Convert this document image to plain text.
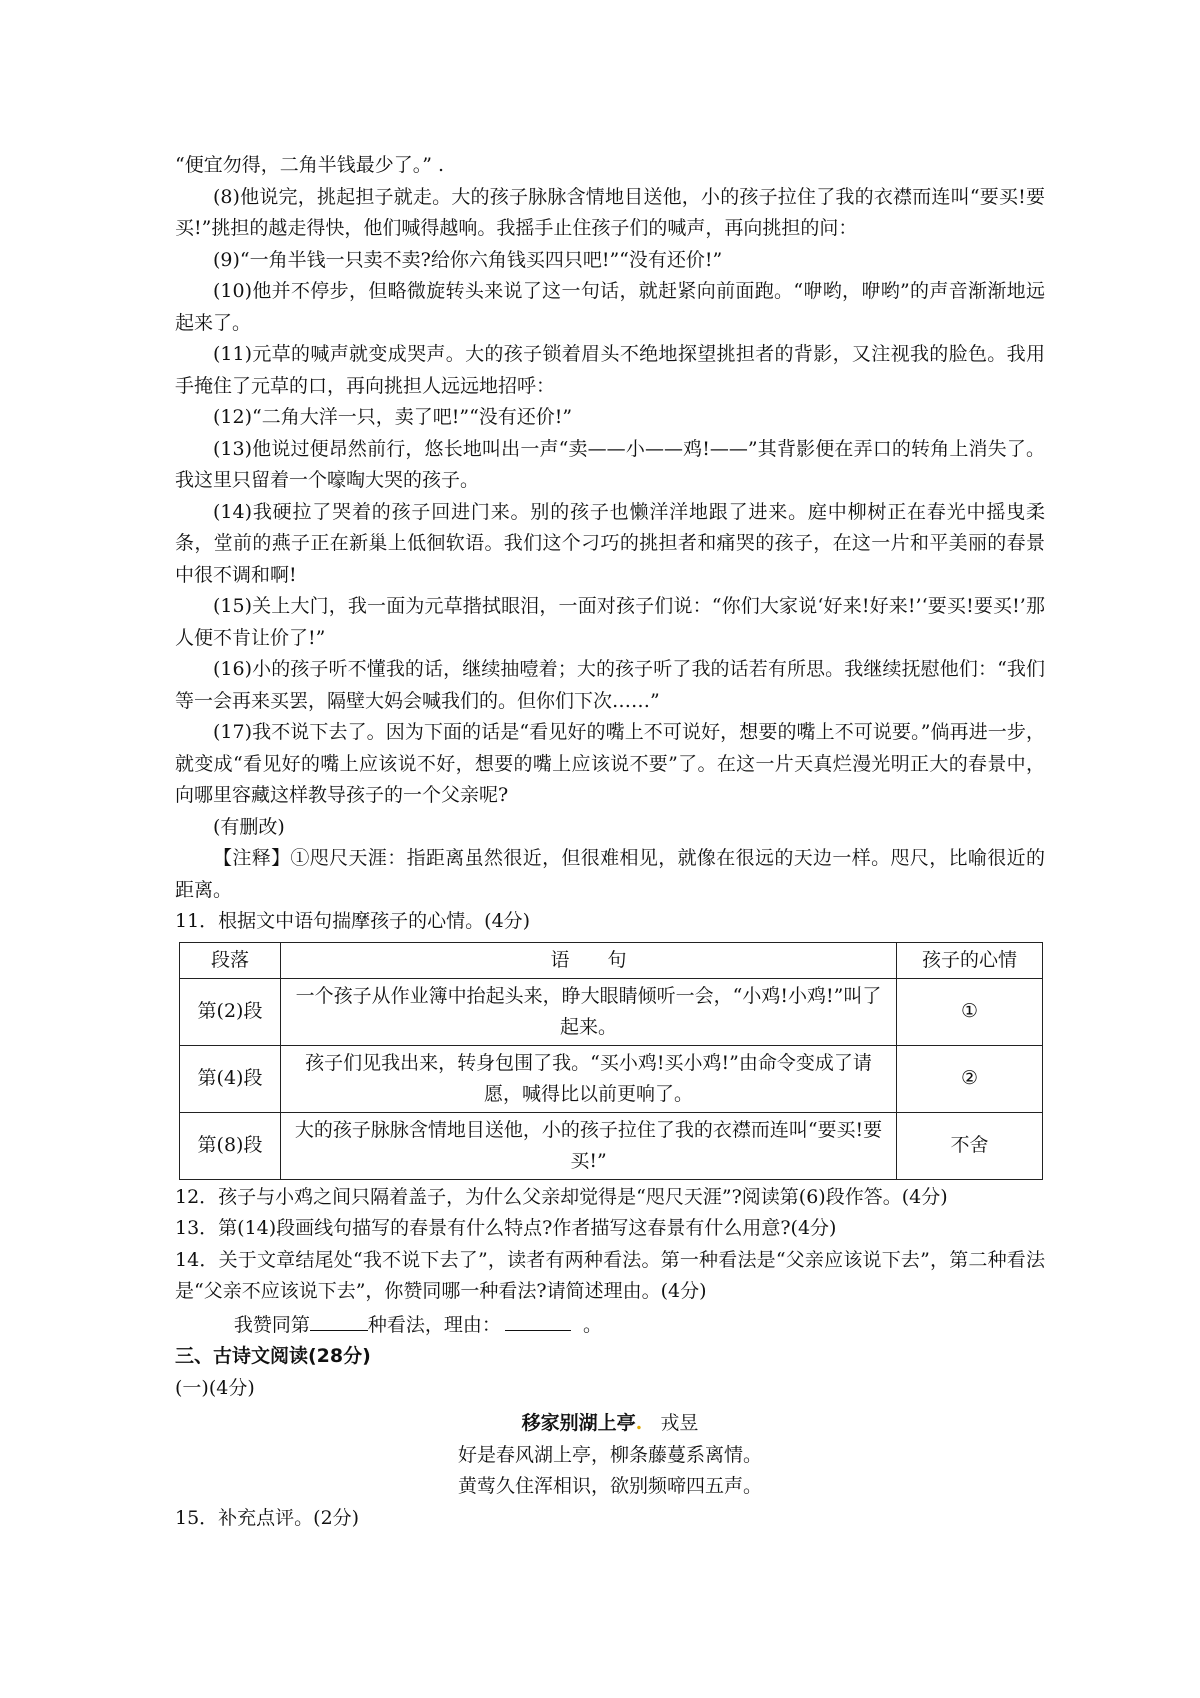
“便宜勿得，二角半钱最少了。” .

(8)他说完，挑起担子就走。大的孩子脉脉含情地目送他，小的孩子拉住了我的衣襟而连叫“要买!要买!”挑担的越走得快，他们喊得越响。我摇手止住孩子们的喊声，再向挑担的问：

(9)“一角半钱一只卖不卖?给你六角钱买四只吧!”“没有还价!”

(10)他并不停步，但略微旋转头来说了这一句话，就赶紧向前面跑。“咿哟，咿哟”的声音渐渐地远起来了。

(11)元草的喊声就变成哭声。大的孩子锁着眉头不绝地探望挑担者的背影，又注视我的脸色。我用手掩住了元草的口，再向挑担人远远地招呼：

(12)“二角大洋一只，卖了吧!”“没有还价!”

(13)他说过便昂然前行，悠长地叫出一声“卖——小——鸡!——”其背影便在弄口的转角上消失了。我这里只留着一个嚎啕大哭的孩子。

(14)我硬拉了哭着的孩子回进门来。别的孩子也懒洋洋地跟了进来。庭中柳树正在春光中摇曳柔条，堂前的燕子正在新巢上低徊软语。我们这个刁巧的挑担者和痛哭的孩子，在这一片和平美丽的春景中很不调和啊!

(15)关上大门，我一面为元草揩拭眼泪，一面对孩子们说：“你们大家说‘好来!好来!’‘要买!要买!’那人便不肯让价了!”

(16)小的孩子听不懂我的话，继续抽噎着；大的孩子听了我的话若有所思。我继续抚慰他们：“我们等一会再来买罢，隔壁大妈会喊我们的。但你们下次……”

(17)我不说下去了。因为下面的话是“看见好的嘴上不可说好，想要的嘴上不可说要。”倘再进一步，就变成“看见好的嘴上应该说不好，想要的嘴上应该说不要”了。在这一片天真烂漫光明正大的春景中，向哪里容藏这样教导孩子的一个父亲呢?

(有删改)

【注释】①咫尺天涯：指距离虽然很近，但很难相见，就像在很远的天边一样。咫尺，比喻很近的距离。

11．根据文中语句揣摩孩子的心情。(4分)

段落	语　　句	孩子的心情
第(2)段	一个孩子从作业簿中抬起头来，睁大眼睛倾听一会，“小鸡!小鸡!”叫了起来。	①
第(4)段	孩子们见我出来，转身包围了我。“买小鸡!买小鸡!”由命令变成了请愿，喊得比以前更响了。	②
第(8)段	大的孩子脉脉含情地目送他，小的孩子拉住了我的衣襟而连叫“要买!要买!”	不舍

12．孩子与小鸡之间只隔着盖子，为什么父亲却觉得是“咫尺天涯”?阅读第(6)段作答。(4分)

13．第(14)段画线句描写的春景有什么特点?作者描写这春景有什么用意?(4分)

14．关于文章结尾处“我不说下去了”，读者有两种看法。第一种看法是“父亲应该说下去”，第二种看法是“父亲不应该说下去”，你赞同哪一种看法?请简述理由。(4分)

我赞同第	种看法，理由：	。

三、古诗文阅读(28分)

(一)(4分)

移家别湖上亭. 戎昱

好是春风湖上亭，柳条藤蔓系离情。

黄莺久住浑相识，欲别频啼四五声。

15．补充点评。(2分)
